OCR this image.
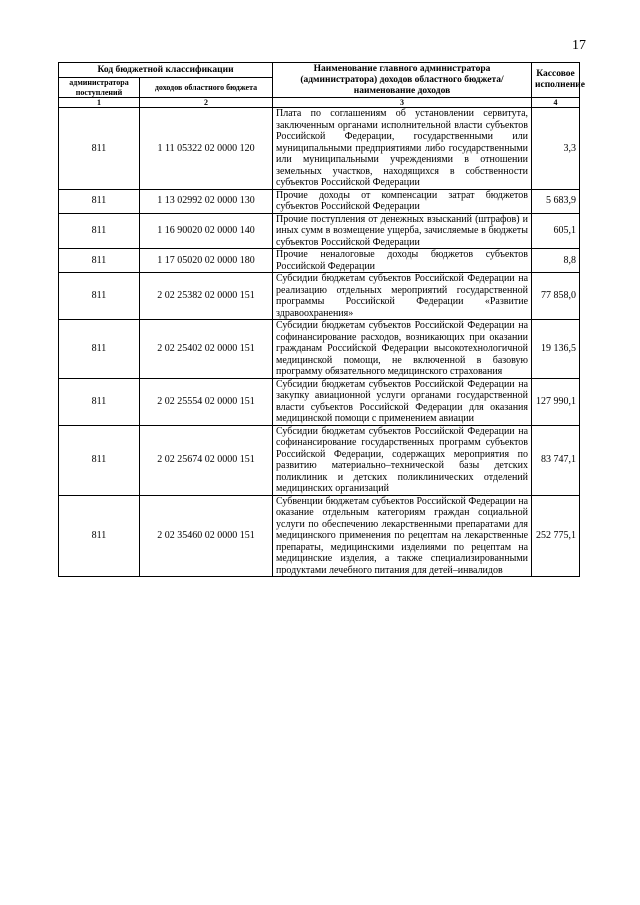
17
Код бюджетной классификации		Наименование главного администратора (администратора) доходов областного бюджета/ наименование доходов	Кассовое исполнение
администратора поступлений	доходов областного бюджета		
1	2	3	4
811	1 11 05322 02 0000 120	Плата по соглашениям об установлении сервитута, заключенным органами исполнительной власти субъектов Российской Федерации, государственными или муниципальными предприятиями либо государственными или муниципальными учреждениями в отношении земельных участков, находящихся в собственности субъектов Российской Федерации	3,3
811	1 13 02992 02 0000 130	Прочие доходы от компенсации затрат бюджетов субъектов Российской Федерации	5 683,9
811	1 16 90020 02 0000 140	Прочие поступления от денежных взысканий (штрафов) и иных сумм в возмещение ущерба, зачисляемые в бюджеты субъектов Российской Федерации	605,1
811	1 17 05020 02 0000 180	Прочие неналоговые доходы бюджетов субъектов Российской Федерации	8,8
811	2 02 25382 02 0000 151	Субсидии бюджетам субъектов Российской Федерации на реализацию отдельных мероприятий государственной программы Российской Федерации «Развитие здравоохранения»	77 858,0
811	2 02 25402 02 0000 151	Субсидии бюджетам субъектов Российской Федерации на софинансирование расходов, возникающих при оказании гражданам Российской Федерации высокотехнологичной медицинской помощи, не включенной в базовую программу обязательного медицинского страхования	19 136,5
811	2 02 25554 02 0000 151	Субсидии бюджетам субъектов Российской Федерации на закупку авиационной услуги органами государственной власти субъектов Российской Федерации для оказания медицинской помощи с применением авиации	127 990,1
811	2 02 25674 02 0000 151	Субсидии бюджетам субъектов Российской Федерации на софинансирование государственных программ субъектов Российской Федерации, содержащих мероприятия по развитию материально–технической базы детских поликлиник и детских поликлинических отделений медицинских организаций	83 747,1
811	2 02 35460 02 0000 151	Субвенции бюджетам субъектов Российской Федерации на оказание отдельным категориям граждан социальной услуги по обеспечению лекарственными препаратами для медицинского применения по рецептам на лекарственные препараты, медицинскими изделиями по рецептам на медицинские изделия, а также специализированными продуктами лечебного питания для детей–инвалидов	252 775,1
